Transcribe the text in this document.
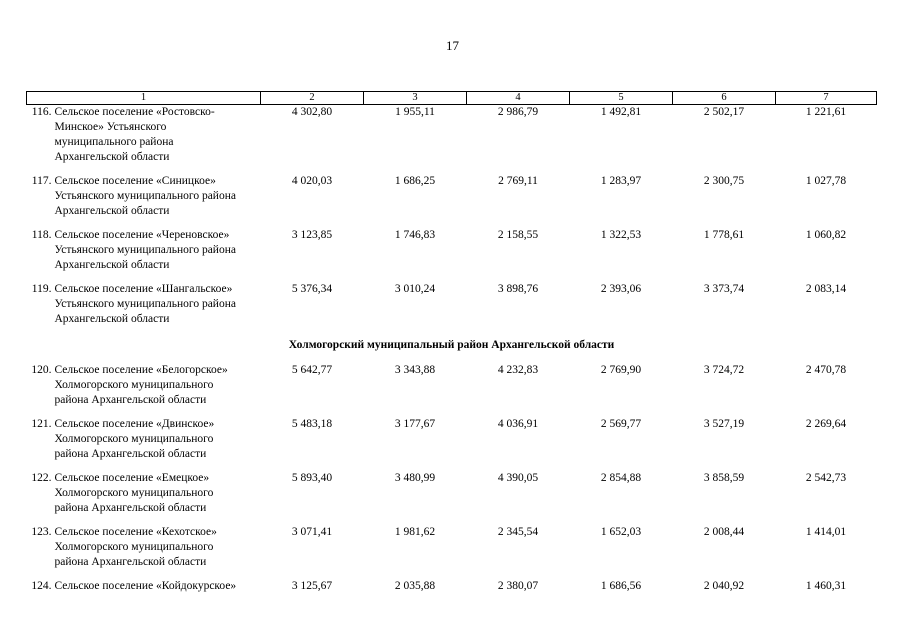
17
1	2	3	4	5	6	7
116. Сельское поселение «Ростовско-
Минское» Устьянского
муниципального района
Архангельской области	4 302,80	1 955,11	2 986,79	1 492,81	2 502,17	1 221,61
117. Сельское поселение «Синицкое»
Устьянского муниципального района
Архангельской области	4 020,03	1 686,25	2 769,11	1 283,97	2 300,75	1 027,78
118. Сельское поселение «Череновское»
Устьянского муниципального района
Архангельской области	3 123,85	1 746,83	2 158,55	1 322,53	1 778,61	1 060,82
119. Сельское поселение «Шангальское»
Устьянского муниципального района
Архангельской области	5 376,34	3 010,24	3 898,76	2 393,06	3 373,74	2 083,14
Холмогорский муниципальный район Архангельской области						
120. Сельское поселение «Белогорское»
Холмогорского муниципального
района Архангельской области	5 642,77	3 343,88	4 232,83	2 769,90	3 724,72	2 470,78
121. Сельское поселение «Двинское»
Холмогорского муниципального
района Архангельской области	5 483,18	3 177,67	4 036,91	2 569,77	3 527,19	2 269,64
122. Сельское поселение «Емецкое»
Холмогорского муниципального
района Архангельской области	5 893,40	3 480,99	4 390,05	2 854,88	3 858,59	2 542,73
123. Сельское поселение «Кехотское»
Холмогорского муниципального
района Архангельской области	3 071,41	1 981,62	2 345,54	1 652,03	2 008,44	1 414,01
124. Сельское поселение «Койдокурское»	3 125,67	2 035,88	2 380,07	1 686,56	2 040,92	1 460,31
